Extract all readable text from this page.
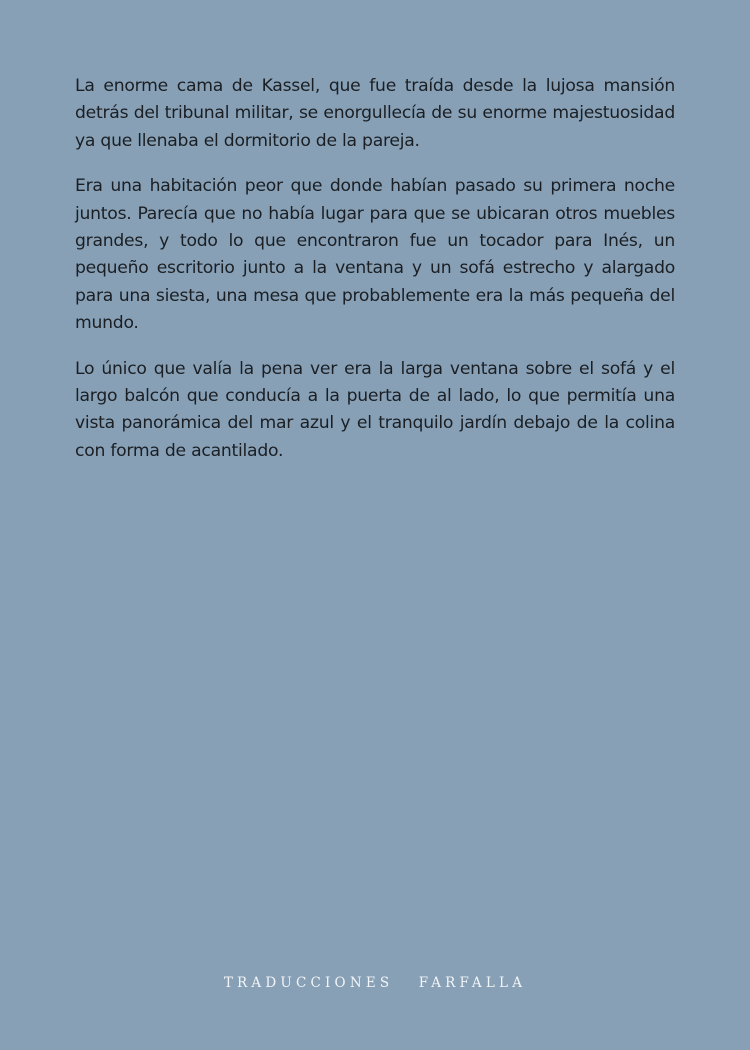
La enorme cama de Kassel, que fue traída desde la lujosa mansión detrás del tribunal militar, se enorgullecía de su enorme majestuosidad ya que llenaba el dormitorio de la pareja.

Era una habitación peor que donde habían pasado su primera noche juntos. Parecía que no había lugar para que se ubicaran otros muebles grandes, y todo lo que encontraron fue un tocador para Inés, un pequeño escritorio junto a la ventana y un sofá estrecho y alargado para una siesta, una mesa que probablemente era la más pequeña del mundo.

Lo único que valía la pena ver era la larga ventana sobre el sofá y el largo balcón que conducía a la puerta de al lado, lo que permitía una vista panorámica del mar azul y el tranquilo jardín debajo de la colina con forma de acantilado.

TRADUCCIONES   FARFALLA
